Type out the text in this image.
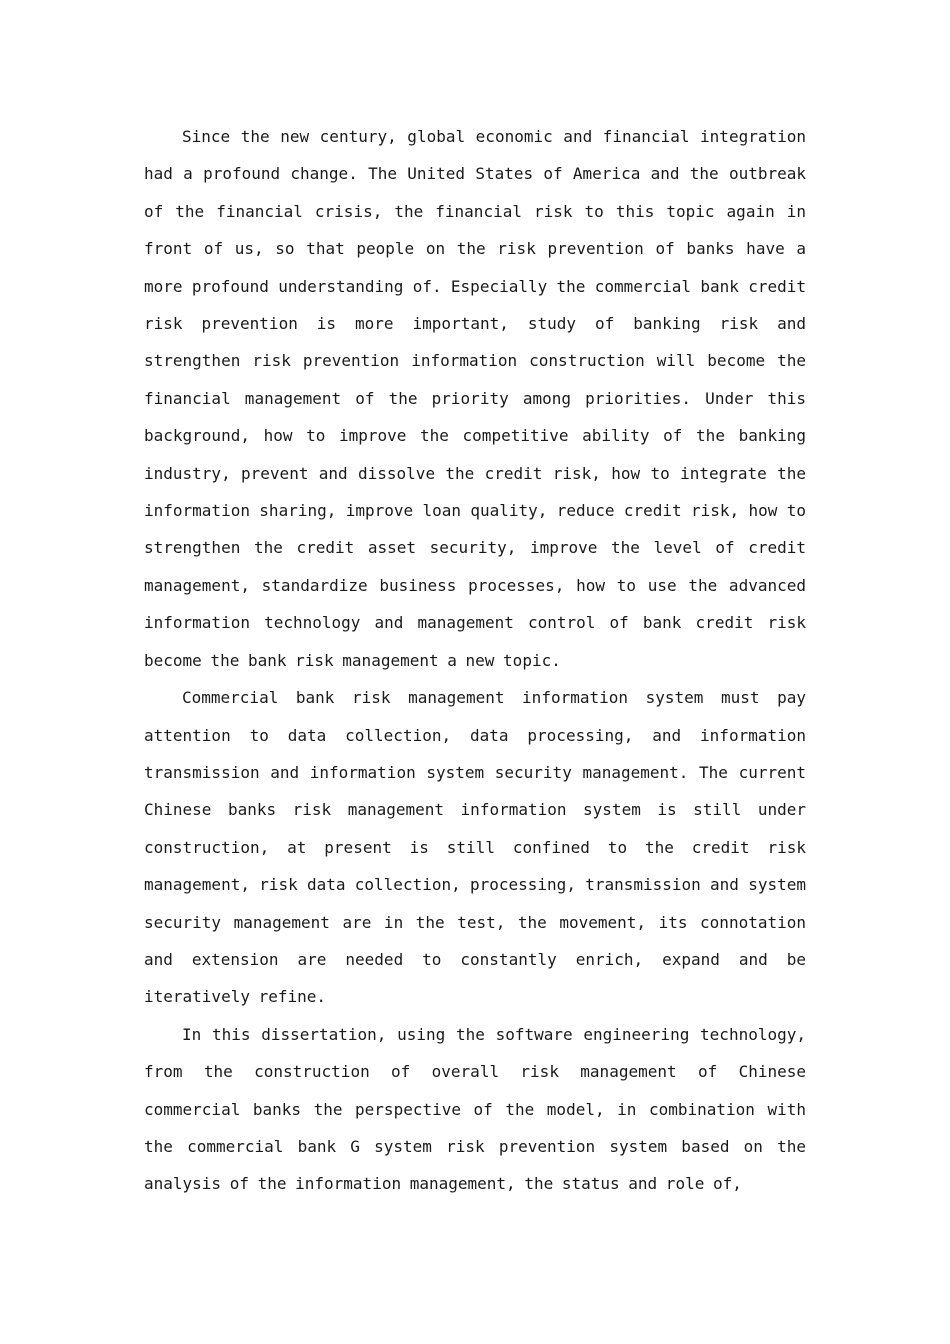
Since the new century, global economic and financial integration had a profound change. The United States of America and the outbreak of the financial crisis, the financial risk to this topic again in front of us, so that people on the risk prevention of banks have a more profound understanding of. Especially the commercial bank credit risk prevention is more important, study of banking risk and strengthen risk prevention information construction will become the financial management of the priority among priorities. Under this background, how to improve the competitive ability of the banking industry, prevent and dissolve the credit risk, how to integrate the information sharing, improve loan quality, reduce credit risk, how to strengthen the credit asset security, improve the level of credit management, standardize business processes, how to use the advanced information technology and management control of bank credit risk become the bank risk management a new topic.

Commercial bank risk management information system must pay attention to data collection, data processing, and information transmission and information system security management. The current Chinese banks risk management information system is still under construction, at present is still confined to the credit risk management, risk data collection, processing, transmission and system security management are in the test, the movement, its connotation and extension are needed to constantly enrich, expand and be iteratively refine.

In this dissertation, using the software engineering technology, from the construction of overall risk management of Chinese commercial banks the perspective of the model, in combination with the commercial bank G system risk prevention system based on the analysis of the information management, the status and role of,
